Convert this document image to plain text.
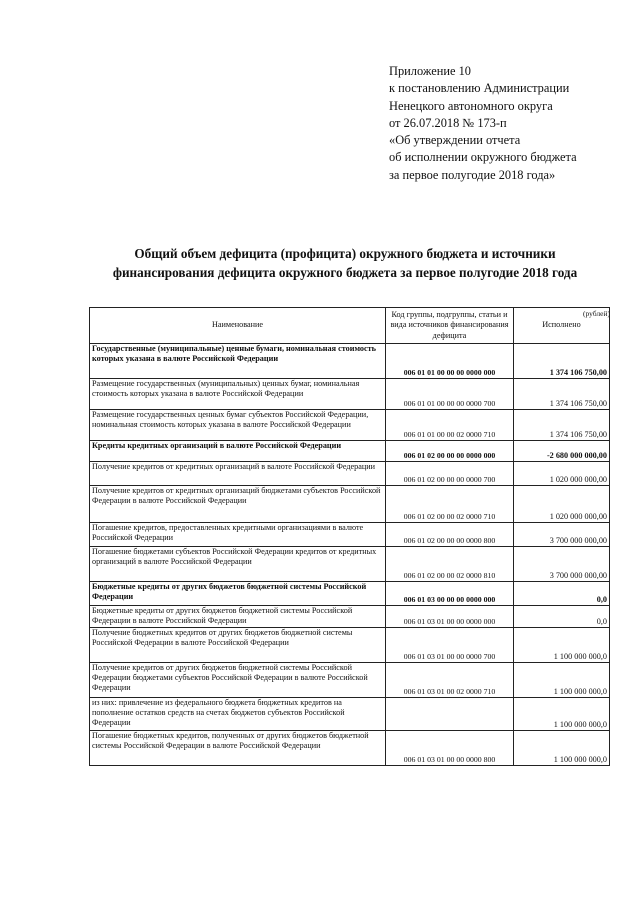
Приложение 10
к постановлению Администрации
Ненецкого автономного округа
от 26.07.2018 № 173-п
«Об утверждении отчета
об исполнении окружного бюджета
за первое полугодие 2018 года»
Общий объем дефицита (профицита) окружного бюджета и источники
финансирования дефицита окружного бюджета за первое полугодие 2018 года
(рублей)
Наименование	Код группы, подгруппы, статьи и вида источников финансирования дефицита	Исполнено
Государственные (муниципальные) ценные бумаги, номинальная стоимость которых указана в валюте Российской Федерации	006 01 01 00 00 00 0000 000	1 374 106 750,00
Размещение государственных (муниципальных) ценных бумаг, номинальная стоимость которых указана в валюте Российской Федерации	006 01 01 00 00 00 0000 700	1 374 106 750,00
Размещение государственных ценных бумаг субъектов Российской Федерации, номинальная стоимость которых указана в валюте Российской Федерации	006 01 01 00 00 02 0000 710	1 374 106 750,00
Кредиты кредитных организаций в валюте Российской Федерации	006 01 02 00 00 00 0000 000	-2 680 000 000,00
Получение кредитов от кредитных организаций в валюте Российской Федерации	006 01 02 00 00 00 0000 700	1 020 000 000,00
Получение кредитов от кредитных организаций бюджетами субъектов Российской Федерации в валюте Российской Федерации	006 01 02 00 00 02 0000 710	1 020 000 000,00
Погашение кредитов, предоставленных кредитными организациями в валюте Российской Федерации	006 01 02 00 00 00 0000 800	3 700 000 000,00
Погашение бюджетами субъектов Российской Федерации кредитов от кредитных организаций в валюте Российской Федерации	006 01 02 00 00 02 0000 810	3 700 000 000,00
Бюджетные кредиты от других бюджетов бюджетной системы Российской Федерации	006 01 03 00 00 00 0000 000	0,0
Бюджетные кредиты от других бюджетов бюджетной системы Российской Федерации в валюте Российской Федерации	006 01 03 01 00 00 0000 000	0,0
Получение бюджетных кредитов от других бюджетов бюджетной системы Российской Федерации в валюте Российской Федерации	006 01 03 01 00 00 0000 700	1 100 000 000,0
Получение кредитов от других бюджетов бюджетной системы Российской Федерации бюджетами субъектов Российской Федерации в валюте Российской Федерации	006 01 03 01 00 02 0000 710	1 100 000 000,0
из них: привлечение из федерального бюджета бюджетных кредитов на пополнение остатков средств на счетах бюджетов субъектов Российской Федерации		1 100 000 000,0
Погашение бюджетных кредитов, полученных от других бюджетов бюджетной системы Российской Федерации в валюте Российской Федерации	006 01 03 01 00 00 0000 800	1 100 000 000,0
